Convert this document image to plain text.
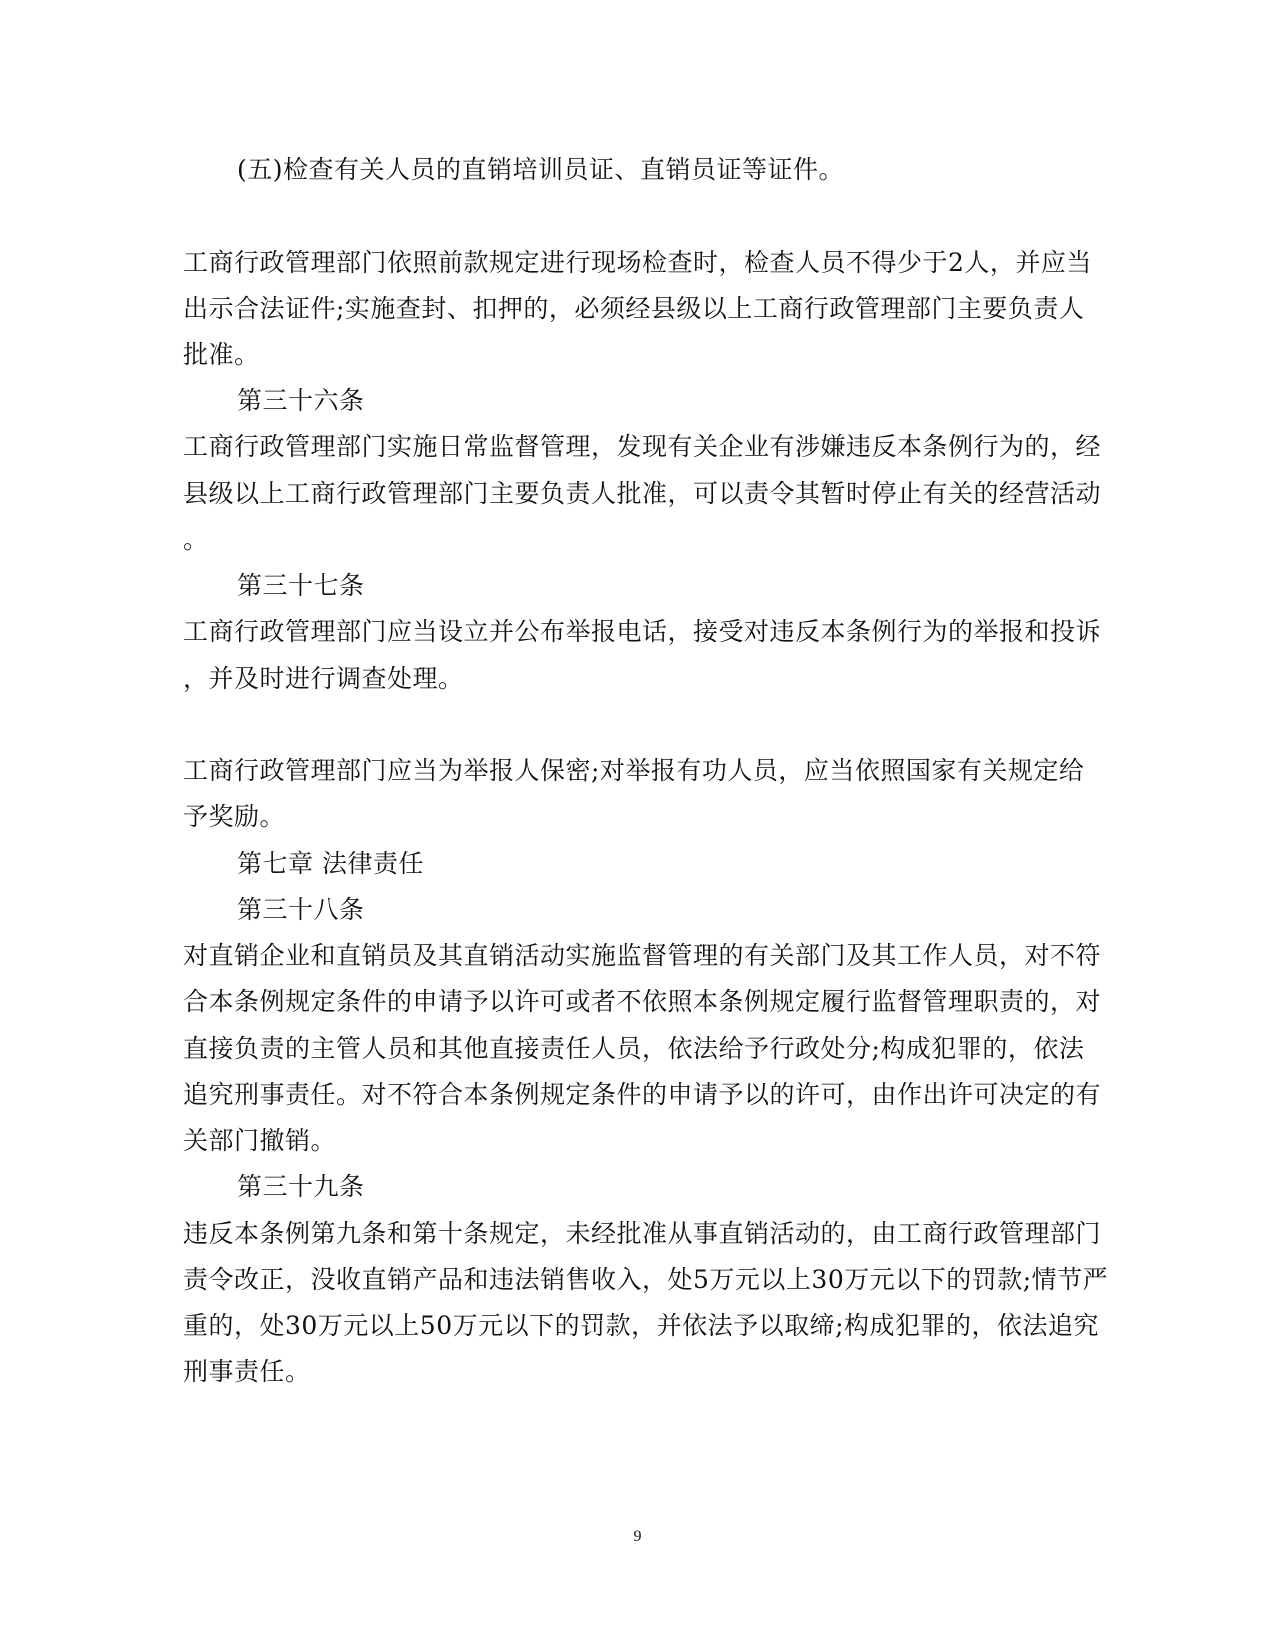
(五)检查有关人员的直销培训员证、直销员证等证件。
工商行政管理部门依照前款规定进行现场检查时，检查人员不得少于2人，并应当
出示合法证件;实施查封、扣押的，必须经县级以上工商行政管理部门主要负责人
批准。
第三十六条
工商行政管理部门实施日常监督管理，发现有关企业有涉嫌违反本条例行为的，经
县级以上工商行政管理部门主要负责人批准，可以责令其暂时停止有关的经营活动
。
第三十七条
工商行政管理部门应当设立并公布举报电话，接受对违反本条例行为的举报和投诉
，并及时进行调查处理。
工商行政管理部门应当为举报人保密;对举报有功人员，应当依照国家有关规定给
予奖励。
第七章 法律责任
第三十八条
对直销企业和直销员及其直销活动实施监督管理的有关部门及其工作人员，对不符
合本条例规定条件的申请予以许可或者不依照本条例规定履行监督管理职责的，对
直接负责的主管人员和其他直接责任人员，依法给予行政处分;构成犯罪的，依法
追究刑事责任。对不符合本条例规定条件的申请予以的许可，由作出许可决定的有
关部门撤销。
第三十九条
违反本条例第九条和第十条规定，未经批准从事直销活动的，由工商行政管理部门
责令改正，没收直销产品和违法销售收入，处5万元以上30万元以下的罚款;情节严
重的，处30万元以上50万元以下的罚款，并依法予以取缔;构成犯罪的，依法追究
刑事责任。
9
